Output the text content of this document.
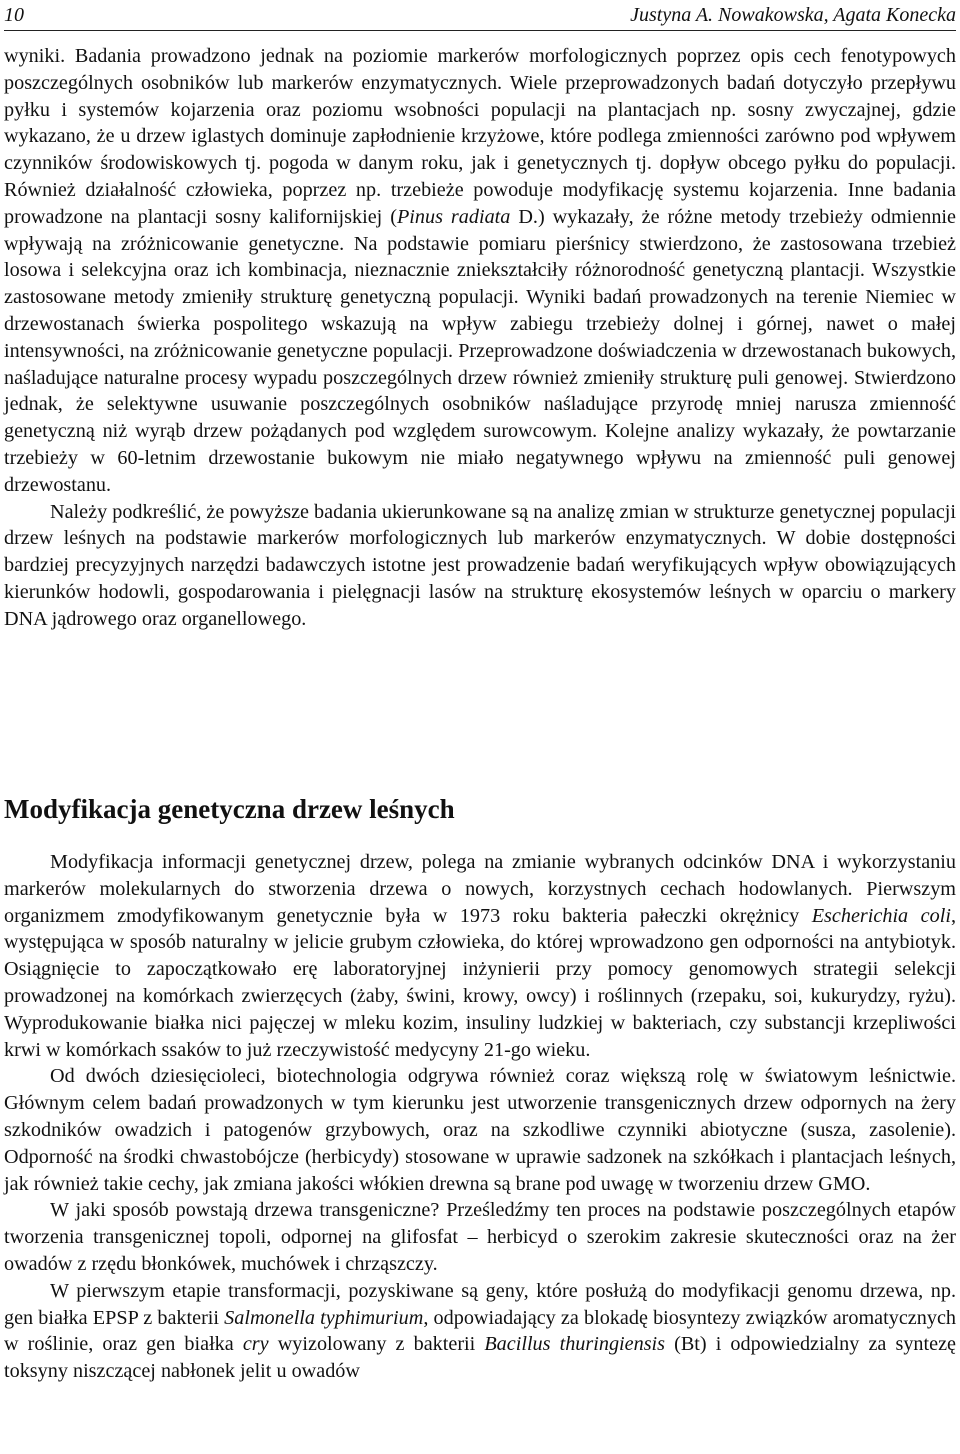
10	Justyna A. Nowakowska, Agata Konecka

wyniki. Badania prowadzono jednak na poziomie markerów morfologicznych poprzez opis cech fenotypowych poszczególnych osobników lub markerów enzymatycznych. Wiele przeprowadzonych badań dotyczyło przepływu pyłku i systemów kojarzenia oraz poziomu wsobności populacji na plantacjach np. sosny zwyczajnej, gdzie wykazano, że u drzew iglastych dominuje zapłodnienie krzyżowe, które podlega zmienności zarówno pod wpływem czynników środowiskowych tj. pogoda w danym roku, jak i genetycznych tj. dopływ obcego pyłku do populacji. Również działalność człowieka, poprzez np. trzebieże powoduje modyfikację systemu kojarzenia. Inne badania prowadzone na plantacji sosny kalifornijskiej (Pinus radiata D.) wykazały, że różne metody trzebieży odmiennie wpływają na zróżnicowanie genetyczne. Na podstawie pomiaru pierśnicy stwierdzono, że zastosowana trzebież losowa i selekcyjna oraz ich kombinacja, nieznacznie zniekształciły różnorodność genetyczną plantacji. Wszystkie zastosowane metody zmieniły strukturę genetyczną populacji. Wyniki badań prowadzonych na terenie Niemiec w drzewostanach świerka pospolitego wskazują na wpływ zabiegu trzebieży dolnej i górnej, nawet o małej intensywności, na zróżnicowanie genetyczne populacji. Przeprowadzone doświadczenia w drzewostanach bukowych, naśladujące naturalne procesy wypadu poszczególnych drzew również zmieniły strukturę puli genowej. Stwierdzono jednak, że selektywne usuwanie poszczególnych osobników naśladujące przyrodę mniej narusza zmienność genetyczną niż wyrąb drzew pożądanych pod względem surowcowym. Kolejne analizy wykazały, że powtarzanie trzebieży w 60-letnim drzewostanie bukowym nie miało negatywnego wpływu na zmienność puli genowej drzewostanu.

Należy podkreślić, że powyższe badania ukierunkowane są na analizę zmian w strukturze genetycznej populacji drzew leśnych na podstawie markerów morfologicznych lub markerów enzymatycznych. W dobie dostępności bardziej precyzyjnych narzędzi badawczych istotne jest prowadzenie badań weryfikujących wpływ obowiązujących kierunków hodowli, gospodarowania i pielęgnacji lasów na strukturę ekosystemów leśnych w oparciu o markery DNA jądrowego oraz organellowego.

Modyfikacja genetyczna drzew leśnych

Modyfikacja informacji genetycznej drzew, polega na zmianie wybranych odcinków DNA i wykorzystaniu markerów molekularnych do stworzenia drzewa o nowych, korzystnych cechach hodowlanych. Pierwszym organizmem zmodyfikowanym genetycznie była w 1973 roku bakteria pałeczki okrężnicy Escherichia coli, występująca w sposób naturalny w jelicie grubym człowieka, do której wprowadzono gen odporności na antybiotyk. Osiągnięcie to zapoczątkowało erę laboratoryjnej inżynierii przy pomocy genomowych strategii selekcji prowadzonej na komórkach zwierzęcych (żaby, świni, krowy, owcy) i roślinnych (rzepaku, soi, kukurydzy, ryżu). Wyprodukowanie białka nici pajęczej w mleku kozim, insuliny ludzkiej w bakteriach, czy substancji krzepliwości krwi w komórkach ssaków to już rzeczywistość medycyny 21-go wieku.

Od dwóch dziesięcioleci, biotechnologia odgrywa również coraz większą rolę w światowym leśnictwie. Głównym celem badań prowadzonych w tym kierunku jest utworzenie transgenicznych drzew odpornych na żery szkodników owadzich i patogenów grzybowych, oraz na szkodliwe czynniki abiotyczne (susza, zasolenie). Odporność na środki chwastobójcze (herbicydy) stosowane w uprawie sadzonek na szkółkach i plantacjach leśnych, jak również takie cechy, jak zmiana jakości włókien drewna są brane pod uwagę w tworzeniu drzew GMO.

W jaki sposób powstają drzewa transgeniczne? Prześledźmy ten proces na podstawie poszczególnych etapów tworzenia transgenicznej topoli, odpornej na glifosfat – herbicyd o szerokim zakresie skuteczności oraz na żer owadów z rzędu błonkówek, muchówek i chrząszczy.

W pierwszym etapie transformacji, pozyskiwane są geny, które posłużą do modyfikacji genomu drzewa, np. gen białka EPSP z bakterii Salmonella typhimurium, odpowiadający za blokadę biosyntezy związków aromatycznych w roślinie, oraz gen białka cry wyizolowany z bakterii Bacillus thuringiensis (Bt) i odpowiedzialny za syntezę toksyny niszczącej nabłonek jelit u owadów
